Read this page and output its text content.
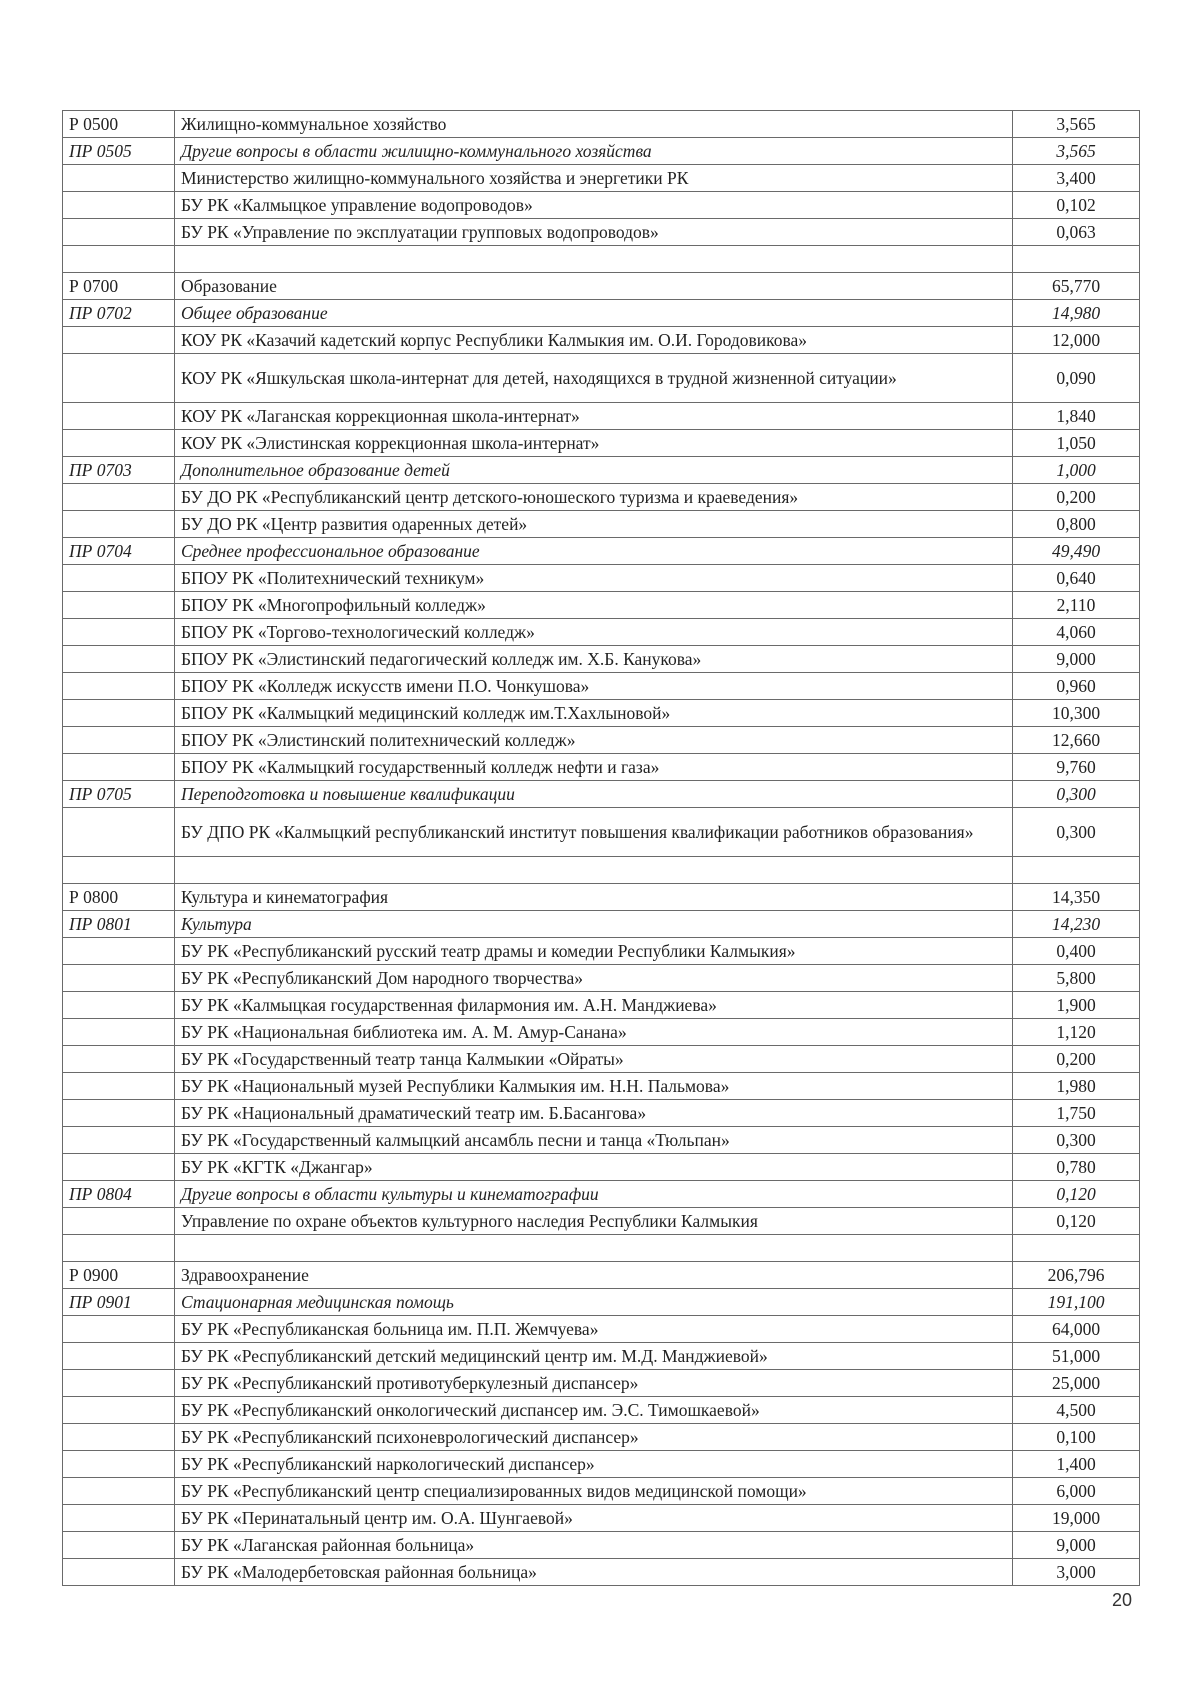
Р 0500	Жилищно-коммунальное хозяйство	3,565
ПР 0505	Другие вопросы в области жилищно-коммунального хозяйства	3,565
	Министерство жилищно-коммунального хозяйства и энергетики РК	3,400
	БУ РК «Калмыцкое управление водопроводов»	0,102
	БУ РК «Управление по эксплуатации групповых водопроводов»	0,063

Р 0700	Образование	65,770
ПР 0702	Общее образование	14,980
	КОУ РК «Казачий кадетский корпус Республики Калмыкия им. О.И. Городовикова»	12,000
	КОУ РК «Яшкульская школа-интернат для детей, находящихся в трудной жизненной ситуации»	0,090
	КОУ РК «Лаганская коррекционная школа-интернат»	1,840
	КОУ РК «Элистинская коррекционная школа-интернат»	1,050
ПР 0703	Дополнительное образование детей	1,000
	БУ ДО РК «Республиканский центр детского-юношеского туризма и краеведения»	0,200
	БУ ДО РК «Центр развития одаренных детей»	0,800
ПР 0704	Среднее профессиональное образование	49,490
	БПОУ РК «Политехнический техникум»	0,640
	БПОУ РК «Многопрофильный колледж»	2,110
	БПОУ РК «Торгово-технологический колледж»	4,060
	БПОУ РК «Элистинский педагогический колледж им. Х.Б. Канукова»	9,000
	БПОУ РК «Колледж искусств имени П.О. Чонкушова»	0,960
	БПОУ РК «Калмыцкий медицинский колледж им.Т.Хахлыновой»	10,300
	БПОУ РК «Элистинский политехнический колледж»	12,660
	БПОУ РК «Калмыцкий государственный колледж нефти и газа»	9,760
ПР 0705	Переподготовка и повышение квалификации	0,300
	БУ ДПО РК «Калмыцкий республиканский институт повышения квалификации работников образования»	0,300

Р 0800	Культура и кинематография	14,350
ПР 0801	Культура	14,230
	БУ РК «Республиканский русский театр драмы и комедии Республики Калмыкия»	0,400
	БУ РК «Республиканский Дом народного творчества»	5,800
	БУ РК «Калмыцкая государственная филармония им. А.Н. Манджиева»	1,900
	БУ РК «Национальная библиотека им. А. М. Амур-Санана»	1,120
	БУ РК «Государственный театр танца Калмыкии «Ойраты»	0,200
	БУ РК «Национальный музей Республики Калмыкия им. Н.Н. Пальмова»	1,980
	БУ РК «Национальный драматический театр им. Б.Басангова»	1,750
	БУ РК «Государственный калмыцкий ансамбль песни и танца «Тюльпан»	0,300
	БУ РК «КГТК «Джангар»	0,780
ПР 0804	Другие вопросы в области культуры и кинематографии	0,120
	Управление по охране объектов культурного наследия Республики Калмыкия	0,120

Р 0900	Здравоохранение	206,796
ПР 0901	Стационарная медицинская помощь	191,100
	БУ РК «Республиканская больница им. П.П. Жемчуева»	64,000
	БУ РК «Республиканский детский медицинский центр им. М.Д. Манджиевой»	51,000
	БУ РК «Республиканский противотуберкулезный диспансер»	25,000
	БУ РК «Республиканский онкологический диспансер им. Э.С. Тимошкаевой»	4,500
	БУ РК «Республиканский психоневрологический диспансер»	0,100
	БУ РК «Республиканский наркологический диспансер»	1,400
	БУ РК «Республиканский центр специализированных видов медицинской помощи»	6,000
	БУ РК «Перинатальный центр им. О.А. Шунгаевой»	19,000
	БУ РК «Лаганская районная больница»	9,000
	БУ РК «Малодербетовская районная больница»	3,000
20
